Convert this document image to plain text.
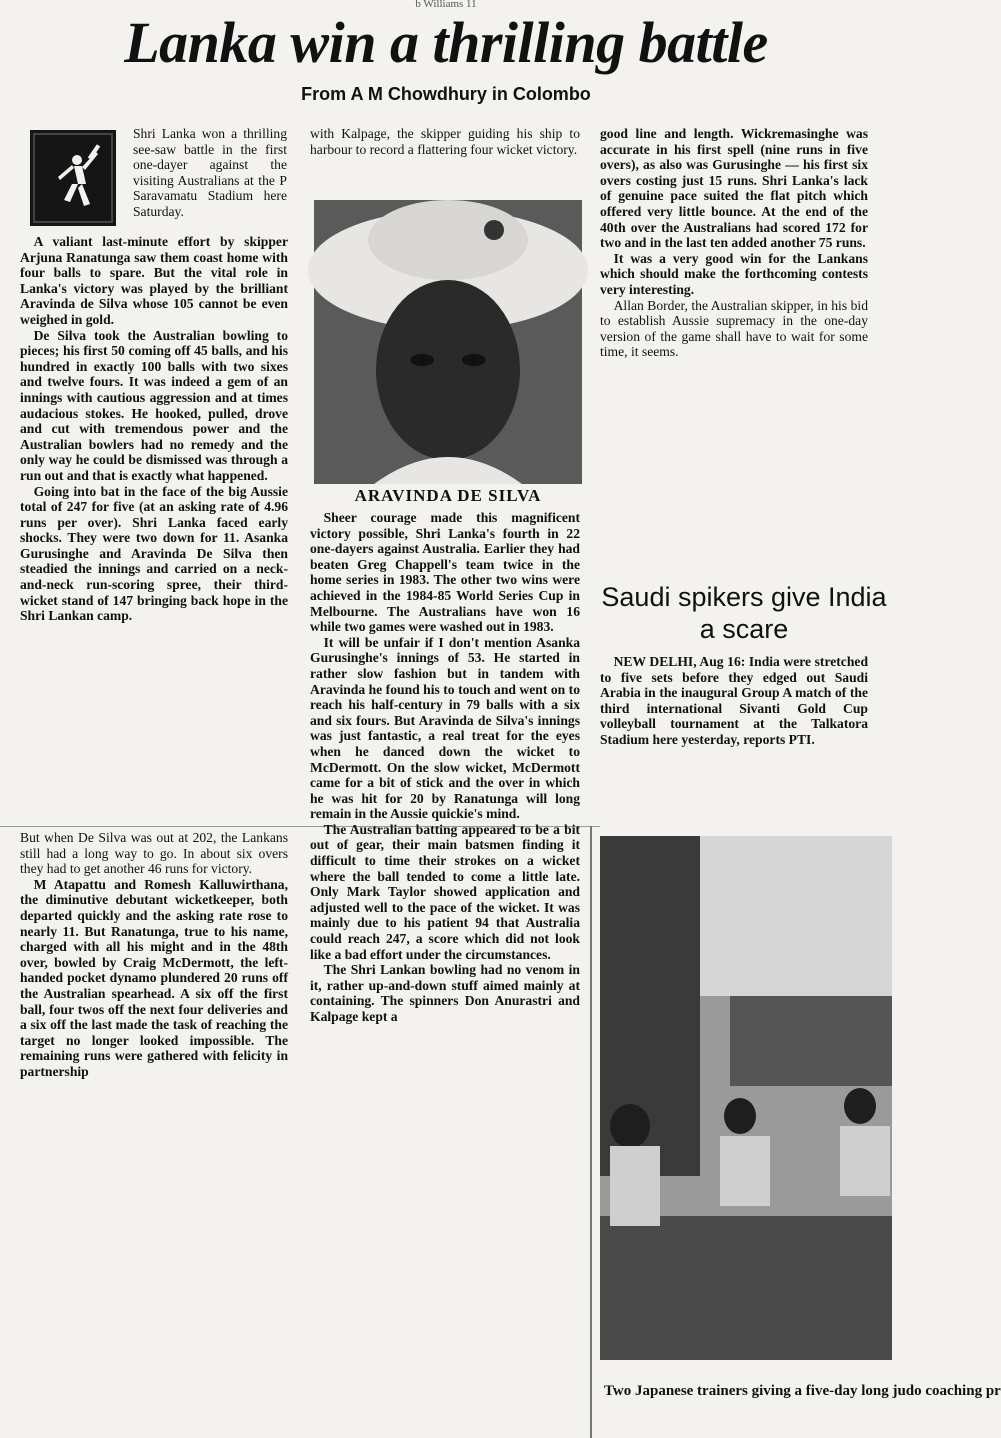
b Williams 11
Lanka win a thrilling battle
From A M Chowdhury in Colombo

Shri Lanka won a thrilling see-saw battle in the first one-dayer against the visiting Australians at the P Saravamatu Stadium here Saturday.

A valiant last-minute effort by skipper Arjuna Ranatunga saw them coast home with four balls to spare. But the vital role in Lanka's victory was played by the brilliant Aravinda de Silva whose 105 cannot be even weighed in gold.

De Silva took the Australian bowling to pieces; his first 50 coming off 45 balls, and his hundred in exactly 100 balls with two sixes and twelve fours. It was indeed a gem of an innings with cautious aggression and at times audacious stokes. He hooked, pulled, drove and cut with tremendous power and the Australian bowlers had no remedy and the only way he could be dismissed was through a run out and that is exactly what happened.

Going into bat in the face of the big Aussie total of 247 for five (at an asking rate of 4.96 runs per over). Shri Lanka faced early shocks. They were two down for 11. Asanka Gurusinghe and Aravinda De Silva then steadied the innings and carried on a neck-and-neck run-scoring spree, their third-wicket stand of 147 bringing back hope in the Shri Lankan camp.

But when De Silva was out at 202, the Lankans still had a long way to go. In about six overs they had to get another 46 runs for victory.

M Atapattu and Romesh Kalluwirthana, the diminutive debutant wicketkeeper, both departed quickly and the asking rate rose to nearly 11. But Ranatunga, true to his name, charged with all his might and in the 48th over, bowled by Craig McDermott, the left-handed pocket dynamo plundered 20 runs off the Australian spearhead. A six off the first ball, four twos off the next four deliveries and a six off the last made the task of reaching the target no longer looked impossible. The remaining runs were gathered with felicity in partnership

with Kalpage, the skipper guiding his ship to harbour to record a flattering four wicket victory.

ARAVINDA DE SILVA

Sheer courage made this magnificent victory possible, Shri Lanka's fourth in 22 one-dayers against Australia. Earlier they had beaten Greg Chappell's team twice in the home series in 1983. The other two wins were achieved in the 1984-85 World Series Cup in Melbourne. The Australians have won 16 while two games were washed out in 1983.

It will be unfair if I don't mention Asanka Gurusinghe's innings of 53. He started in rather slow fashion but in tandem with Aravinda he found his to touch and went on to reach his half-century in 79 balls with a six and six fours. But Aravinda de Silva's innings was just fantastic, a real treat for the eyes when he danced down the wicket to McDermott. On the slow wicket, McDermott came for a bit of stick and the over in which he was hit for 20 by Ranatunga will long remain in the Aussie quickie's mind.

The Australian batting appeared to be a bit out of gear, their main batsmen finding it difficult to time their strokes on a wicket where the ball tended to come a little late. Only Mark Taylor showed application and adjusted well to the pace of the wicket. It was mainly due to his patient 94 that Australia could reach 247, a score which did not look like a bad effort under the circumstances.

The Shri Lankan bowling had no venom in it, rather up-and-down stuff aimed mainly at containing. The spinners Don Anurastri and Kalpage kept a

good line and length. Wickremasinghe was accurate in his first spell (nine runs in five overs), as also was Gurusinghe — his first six overs costing just 15 runs. Shri Lanka's lack of genuine pace suited the flat pitch which offered very little bounce. At the end of the 40th over the Australians had scored 172 for two and in the last ten added another 75 runs.

It was a very good win for the Lankans which should make the forthcoming contests very interesting.

Allan Border, the Australian skipper, in his bid to establish Aussie supremacy in the one-day version of the game shall have to wait for some time, it seems.

Saudi spikers give India a scare

NEW DELHI, Aug 16: India were stretched to five sets before they edged out Saudi Arabia in the inaugural Group A match of the third international Sivanti Gold Cup volleyball tournament at the Talkatora Stadium here yesterday, reports PTI.

Two Japanese trainers giving a five-day long judo coaching pr
